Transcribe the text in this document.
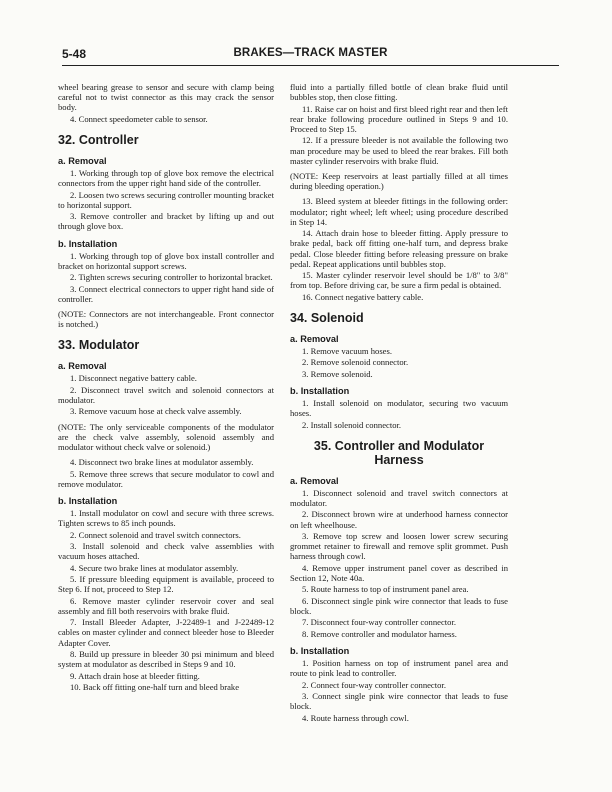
5-48	BRAKES—TRACK MASTER

wheel bearing grease to sensor and secure with clamp being careful not to twist connector as this may crack the sensor body.

4. Connect speedometer cable to sensor.

32. Controller
a. Removal

1. Working through top of glove box remove the electrical connectors from the upper right hand side of the controller.

2. Loosen two screws securing controller mounting bracket to horizontal support.

3. Remove controller and bracket by lifting up and out through glove box.

b. Installation

1. Working through top of glove box install controller and bracket on horizontal support screws.

2. Tighten screws securing controller to horizontal bracket.

3. Connect electrical connectors to upper right hand side of controller.

(NOTE: Connectors are not interchangeable. Front connector is notched.)

33. Modulator
a. Removal

1. Disconnect negative battery cable.

2. Disconnect travel switch and solenoid connectors at modulator.

3. Remove vacuum hose at check valve assembly.

(NOTE: The only serviceable components of the modulator are the check valve assembly, solenoid assembly and modulator without check valve or solenoid.)

4. Disconnect two brake lines at modulator assembly.

5. Remove three screws that secure modulator to cowl and remove modulator.

b. Installation

1. Install modulator on cowl and secure with three screws. Tighten screws to 85 inch pounds.

2. Connect solenoid and travel switch connectors.

3. Install solenoid and check valve assemblies with vacuum hoses attached.

4. Secure two brake lines at modulator assembly.

5. If pressure bleeding equipment is available, proceed to Step 6. If not, proceed to Step 12.

6. Remove master cylinder reservoir cover and seal assembly and fill both reservoirs with brake fluid.

7. Install Bleeder Adapter, J-22489-1 and J-22489-12 cables on master cylinder and connect bleeder hose to Bleeder Adapter Cover.

8. Build up pressure in bleeder 30 psi minimum and bleed system at modulator as described in Steps 9 and 10.

9. Attach drain hose at bleeder fitting.

10. Back off fitting one-half turn and bleed brake

fluid into a partially filled bottle of clean brake fluid until bubbles stop, then close fitting.

11. Raise car on hoist and first bleed right rear and then left rear brake following procedure outlined in Steps 9 and 10. Proceed to Step 15.

12. If a pressure bleeder is not available the following two man procedure may be used to bleed the rear brakes. Fill both master cylinder reservoirs with brake fluid.

(NOTE: Keep reservoirs at least partially filled at all times during bleeding operation.)

13. Bleed system at bleeder fittings in the following order: modulator; right wheel; left wheel; using procedure described in Step 14.

14. Attach drain hose to bleeder fitting. Apply pressure to brake pedal, back off fitting one-half turn, and depress brake pedal. Close bleeder fitting before releasing pressure on brake pedal. Repeat applications until bubbles stop.

15. Master cylinder reservoir level should be 1/8" to 3/8" from top. Before driving car, be sure a firm pedal is obtained.

16. Connect negative battery cable.

34. Solenoid
a. Removal

1. Remove vacuum hoses.

2. Remove solenoid connector.

3. Remove solenoid.

b. Installation

1. Install solenoid on modulator, securing two vacuum hoses.

2. Install solenoid connector.

35. Controller and Modulator Harness
a. Removal

1. Disconnect solenoid and travel switch connectors at modulator.

2. Disconnect brown wire at underhood harness connector on left wheelhouse.

3. Remove top screw and loosen lower screw securing grommet retainer to firewall and remove split grommet. Push harness through cowl.

4. Remove upper instrument panel cover as described in Section 12, Note 40a.

5. Route harness to top of instrument panel area.

6. Disconnect single pink wire connector that leads to fuse block.

7. Disconnect four-way controller connector.

8. Remove controller and modulator harness.

b. Installation

1. Position harness on top of instrument panel area and route to pink lead to controller.

2. Connect four-way controller connector.

3. Connect single pink wire connector that leads to fuse block.

4. Route harness through cowl.
